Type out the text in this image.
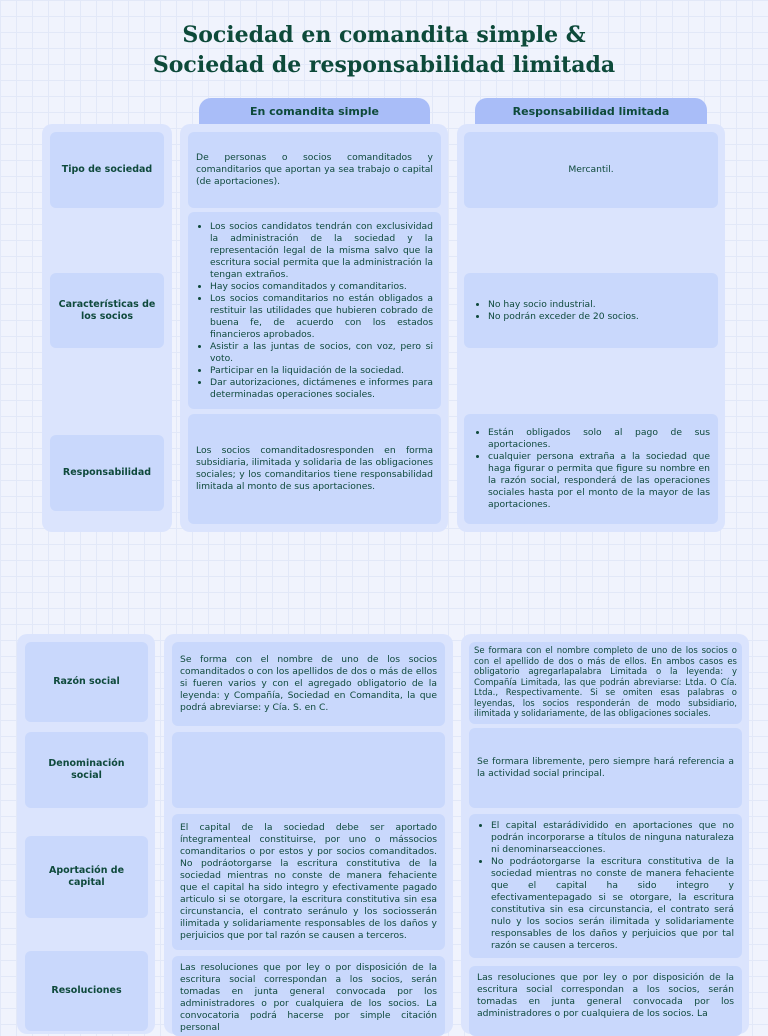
Sociedad en comandita simple &
Sociedad de responsabilidad limitada
En comandita simple	Responsabilidad limitada
Tipo de sociedad
De personas o socios comanditados y comanditarios que aportan ya sea trabajo o capital (de aportaciones).
Mercantil.
Características de los socios
• Los socios candidatos tendrán con exclusividad la administración de la sociedad y la representación legal de la misma salvo que la escritura social permita que la administración la tengan extraños.
• Hay socios comanditados y comanditarios.
• Los socios comanditarios no están obligados a restituir las utilidades que hubieren cobrado de buena fe, de acuerdo con los estados financieros aprobados.
• Asistir a las juntas de socios, con voz, pero si voto.
• Participar en la liquidación de la sociedad.
• Dar autorizaciones, dictámenes e informes para determinadas operaciones sociales.
• No hay socio industrial.
• No podrán exceder de 20 socios.
Responsabilidad
Los socios comanditadosresponden en forma subsidiaria, ilimitada y solidaria de las obligaciones sociales; y los comanditarios tiene responsabilidad limitada al monto de sus aportaciones.
• Están obligados solo al pago de sus aportaciones.
• cualquier persona extraña a la sociedad que haga figurar o permita que figure su nombre en la razón social, responderá de las operaciones sociales hasta por el monto de la mayor de las aportaciones.
Razón social
Se forma con el nombre de uno de los socios comanditados o con los apellidos de dos o más de ellos si fueren varios y con el agregado obligatorio de la leyenda: y Compañía, Sociedad en Comandita, la que podrá abreviarse: y Cía. S. en C.
Se formara con el nombre completo de uno de los socios o con el apellido de dos o más de ellos. En ambos casos es obligatorio agregarlapalabra Limitada o la leyenda: y Compañía Limitada, las que podrán abreviarse: Ltda. O Cía. Ltda., Respectivamente. Si se omiten esas palabras o leyendas, los socios responderán de modo subsidiario, ilimitada y solidariamente, de las obligaciones sociales.
Denominación social
Se formara libremente, pero siempre hará referencia a la actividad social principal.
Aportación de capital
El capital de la sociedad debe ser aportado íntegramenteal constituirse, por uno o mássocios comanditarios o por estos y por socios comanditados. No podráotorgarse la escritura constitutiva de la sociedad mientras no conste de manera fehaciente que el capital ha sido integro y efectivamente pagado articulo si se otorgare, la escritura constitutiva sin esa circunstancia, el contrato seránulo y los sociosserán ilimitada y solidariamente responsables de los daños y perjuicios que por tal razón se causen a terceros.
• El capital estarádividido en aportaciones que no podrán incorporarse a títulos de ninguna naturaleza ni denominarseacciones.
• No podráotorgarse la escritura constitutiva de la sociedad mientras no conste de manera fehaciente que el capital ha sido integro y efectivamentepagado si se otorgare, la escritura constitutiva sin esa circunstancia, el contrato será nulo y los socios serán ilimitada y solidariamente responsables de los daños y perjuicios que por tal razón se causen a terceros.
Resoluciones
Las resoluciones que por ley o por disposición de la escritura social correspondan a los socios, serán tomadas en junta general convocada por los administradores o por cualquiera de los socios. La convocatoria podrá hacerse por simple citación personal
Las resoluciones que por ley o por disposición de la escritura social correspondan a los socios, serán tomadas en junta general convocada por los administradores o por cualquiera de los socios. La
